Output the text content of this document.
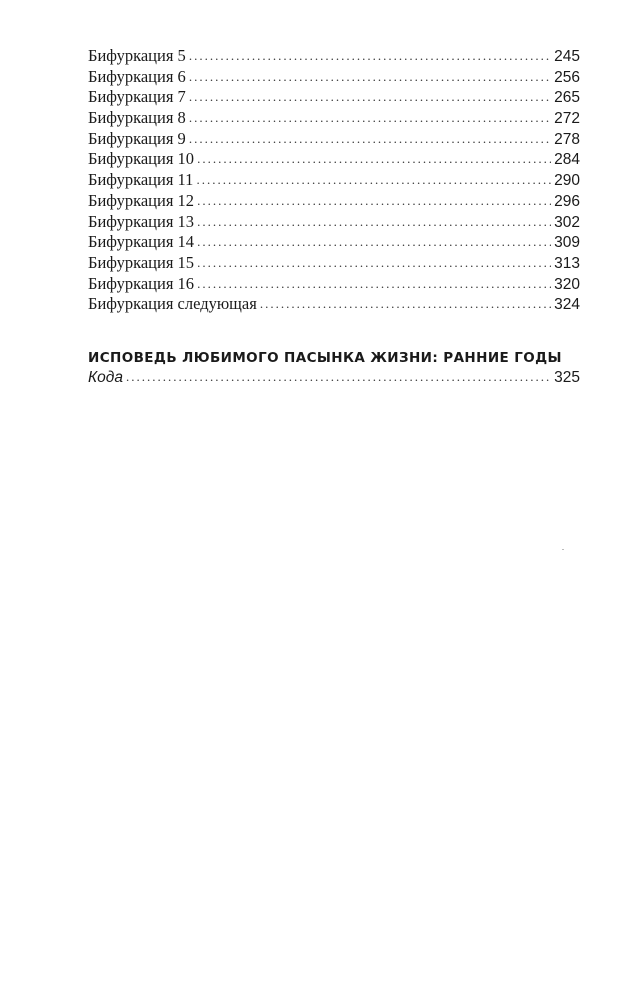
Бифуркация 5 .....	245
Бифуркация 6 .....	256
Бифуркация 7 .....	265
Бифуркация 8 .....	272
Бифуркация 9 .....	278
Бифуркация 10 .....	284
Бифуркация 11 .....	290
Бифуркация 12 .....	296
Бифуркация 13 .....	302
Бифуркация 14 .....	309
Бифуркация 15 .....	313
Бифуркация 16 .....	320
Бифуркация следующая .....	324
ИСПОВЕДЬ ЛЮБИМОГО ПАСЫНКА ЖИЗНИ: РАННИЕ ГОДЫ
Кода .....	325
